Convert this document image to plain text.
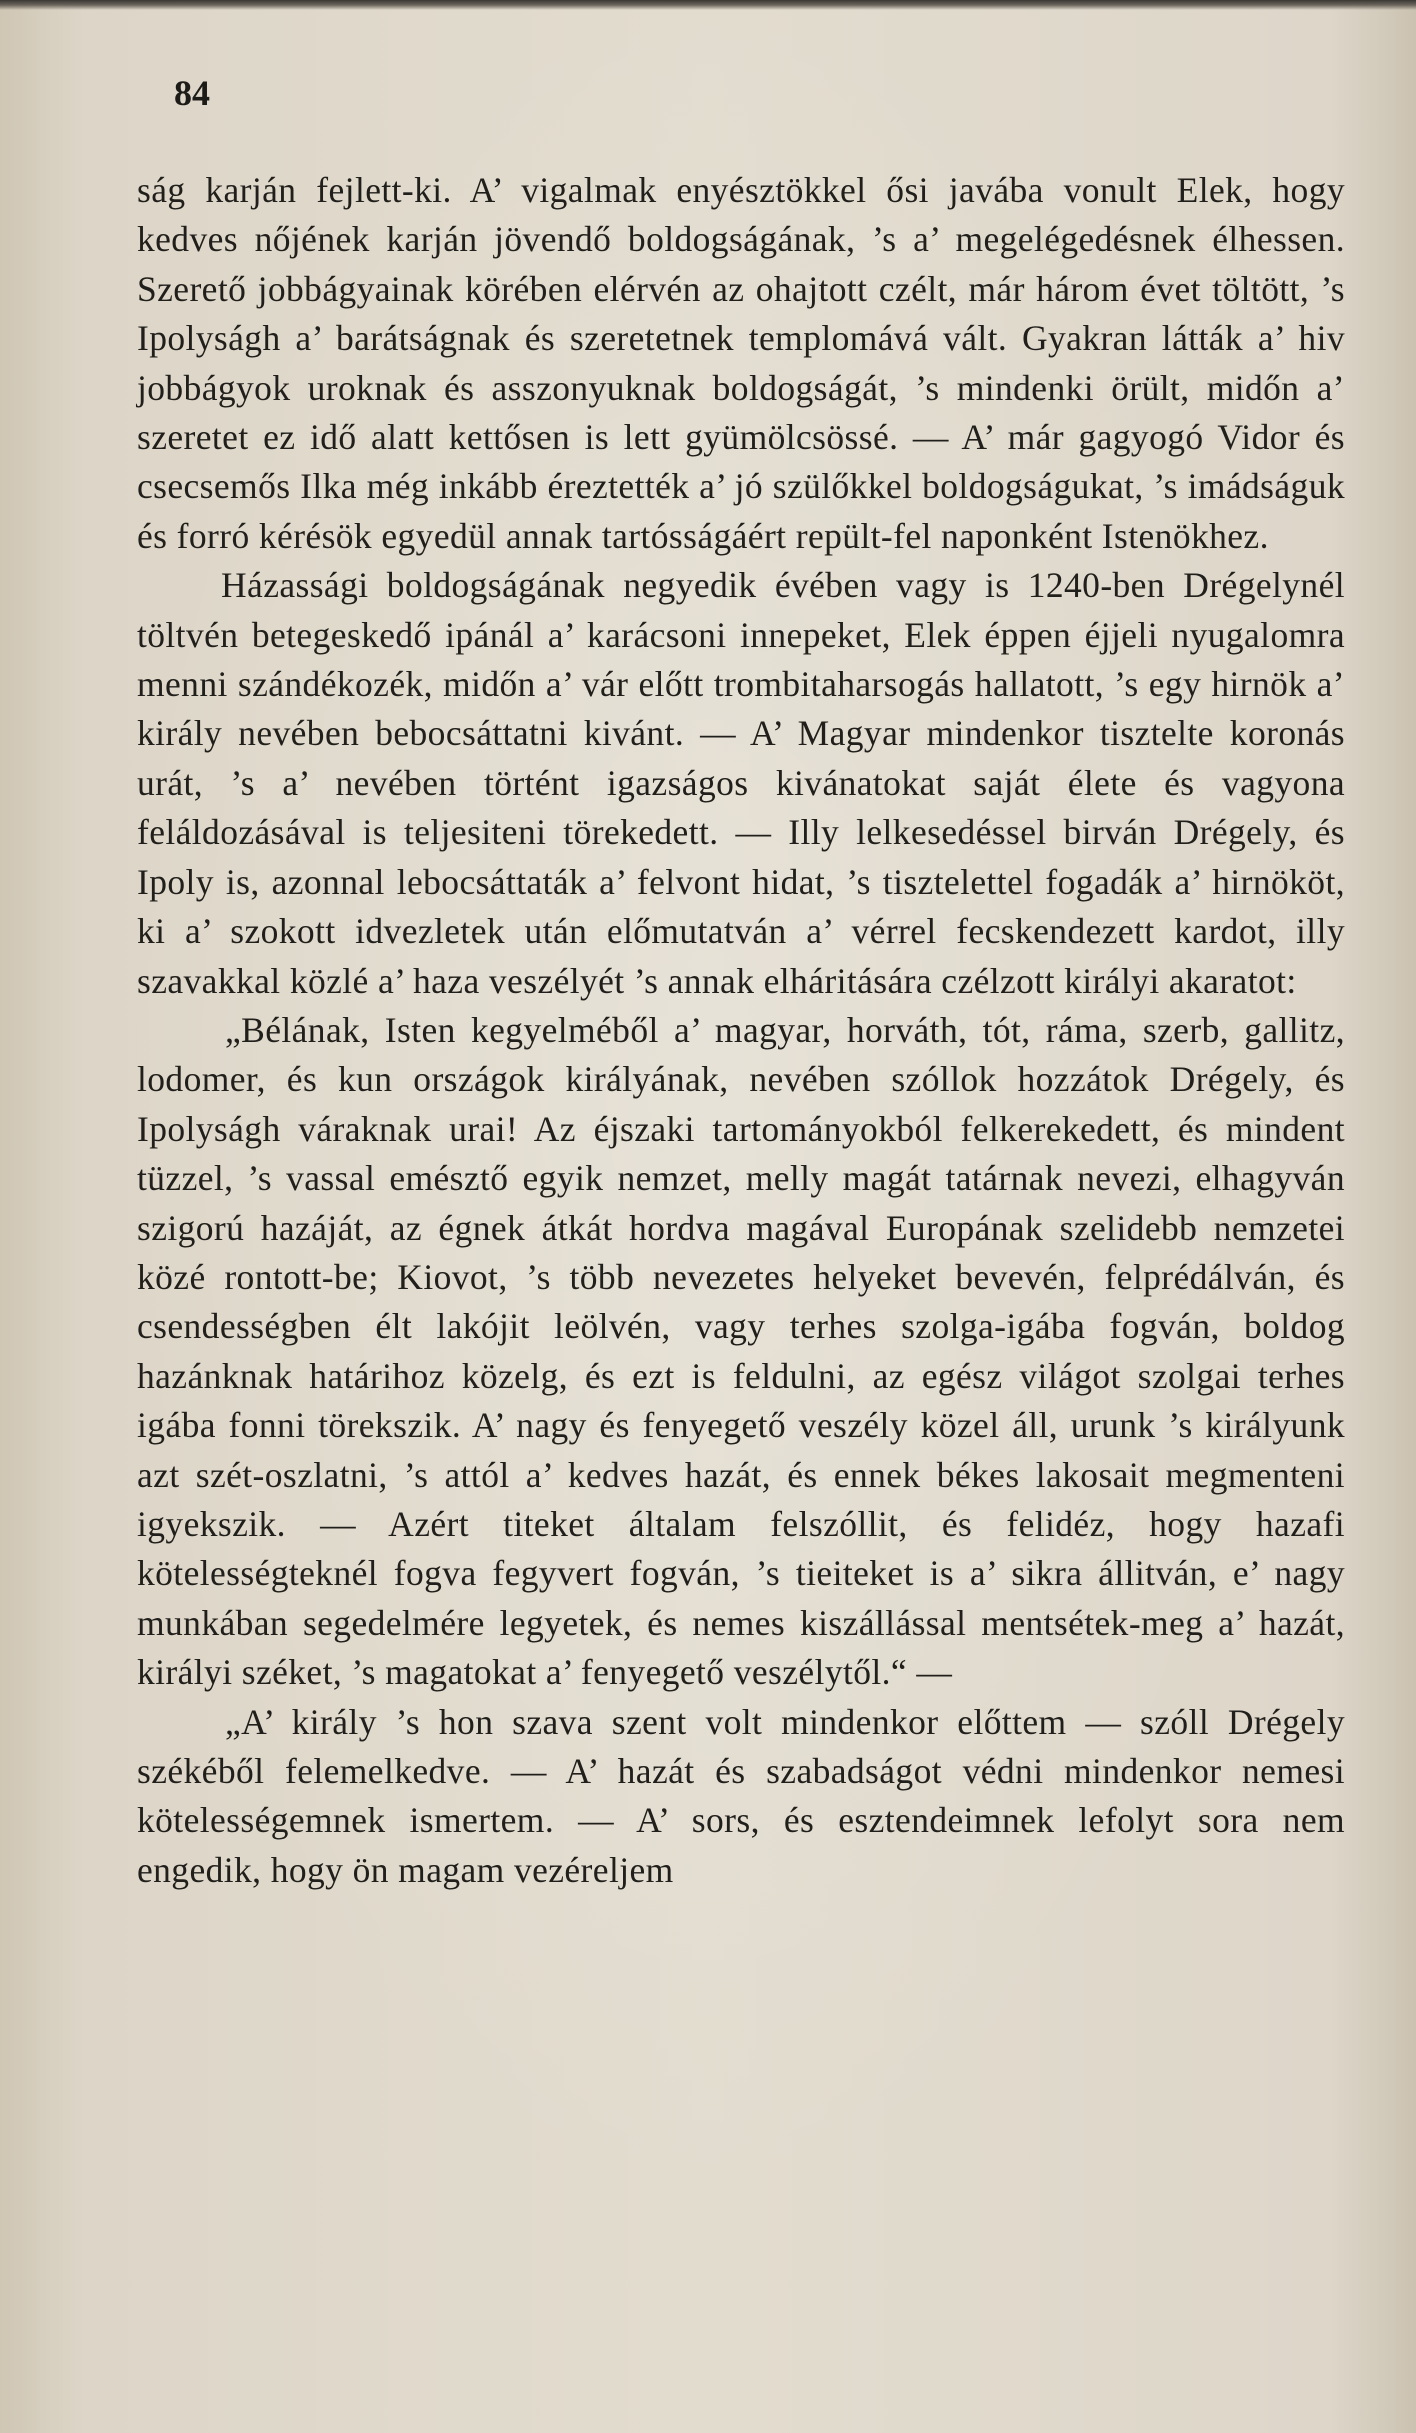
84

ság karján fejlett-ki. A’ vigalmak enyésztökkel ősi javába vonult Elek, hogy kedves nőjének karján jövendő boldogságának, ’s a’ megelégedésnek élhessen. Szerető jobbágyainak körében elérvén az ohajtott czélt, már három évet töltött, ’s Ipolyságh a’ barátságnak és szeretetnek templomává vált. Gyakran látták a’ hiv jobbágyok uroknak és asszonyuknak boldogságát, ’s mindenki örült, midőn a’ szeretet ez idő alatt kettősen is lett gyümölcsössé. — A’ már gagyogó Vidor és csecsemős Ilka még inkább éreztették a’ jó szülőkkel boldogságukat, ’s imádságuk és forró kérésök egyedül annak tartósságáért repült-fel naponként Istenökhez.

Házassági boldogságának negyedik évében vagy is 1240-ben Drégelynél töltvén betegeskedő ipánál a’ karácsoni innepeket, Elek éppen éjjeli nyugalomra menni szándékozék, midőn a’ vár előtt trombitaharsogás hallatott, ’s egy hirnök a’ király nevében bebocsáttatni kivánt. — A’ Magyar mindenkor tisztelte koronás urát, ’s a’ nevében történt igazságos kivánatokat saját élete és vagyona feláldozásával is teljesiteni törekedett. — Illy lelkesedéssel birván Drégely, és Ipoly is, azonnal lebocsáttaták a’ felvont hidat, ’s tisztelettel fogadák a’ hirnököt, ki a’ szokott idvezletek után előmutatván a’ vérrel fecskendezett kardot, illy szavakkal közlé a’ haza veszélyét ’s annak elháritására czélzott királyi akaratot:

„Bélának, Isten kegyelméből a’ magyar, horváth, tót, ráma, szerb, gallitz, lodomer, és kun országok királyának, nevében szóllok hozzátok Drégely, és Ipolyságh váraknak urai! Az éjszaki tartományokból felkerekedett, és mindent tüzzel, ’s vassal emésztő egyik nemzet, melly magát tatárnak nevezi, elhagyván szigorú hazáját, az égnek átkát hordva magával Europának szelidebb nemzetei közé rontott-be; Kiovot, ’s több nevezetes helyeket bevevén, felprédálván, és csendességben élt lakójit leölvén, vagy terhes szolga-igába fogván, boldog hazánknak határihoz közelg, és ezt is feldulni, az egész világot szolgai terhes igába fonni törekszik. A’ nagy és fenyegető veszély közel áll, urunk ’s királyunk azt szét-oszlatni, ’s attól a’ kedves hazát, és ennek békes lakosait megmenteni igyekszik. — Azért titeket általam felszóllit, és felidéz, hogy hazafi kötelességteknél fogva fegyvert fogván, ’s tieiteket is a’ sikra állitván, e’ nagy munkában segedelmére legyetek, és nemes kiszállással mentsétek-meg a’ hazát, királyi széket, ’s magatokat a’ fenyegető veszélytől.“ —

„A’ király ’s hon szava szent volt mindenkor előttem — szóll Drégely székéből felemelkedve. — A’ hazát és szabadságot védni mindenkor nemesi kötelességemnek ismertem. — A’ sors, és esztendeimnek lefolyt sora nem engedik, hogy ön magam vezéreljem
